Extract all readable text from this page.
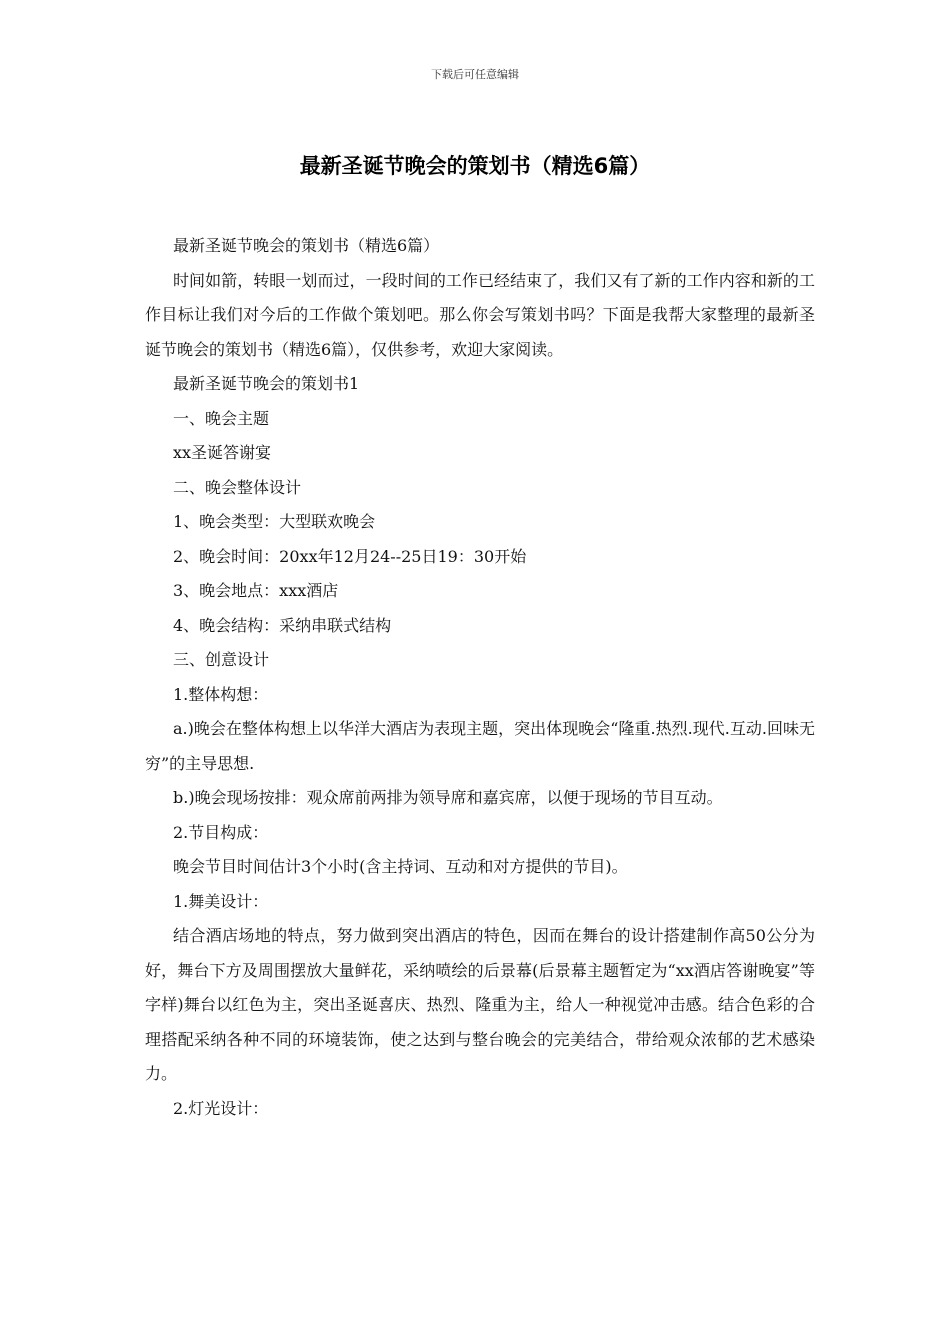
下载后可任意编辑
最新圣诞节晚会的策划书（精选6篇）

最新圣诞节晚会的策划书（精选6篇）

时间如箭，转眼一划而过，一段时间的工作已经结束了，我们又有了新的工作内容和新的工作目标让我们对今后的工作做个策划吧。那么你会写策划书吗？下面是我帮大家整理的最新圣诞节晚会的策划书（精选6篇），仅供参考，欢迎大家阅读。

最新圣诞节晚会的策划书1

一、晚会主题

xx圣诞答谢宴

二、晚会整体设计

1、晚会类型：大型联欢晚会

2、晚会时间：20xx年12月24--25日19：30开始

3、晚会地点：xxx酒店

4、晚会结构：采纳串联式结构

三、创意设计

1.整体构想：

a.)晚会在整体构想上以华洋大酒店为表现主题，突出体现晚会“隆重.热烈.现代.互动.回味无穷”的主导思想.

b.)晚会现场按排：观众席前两排为领导席和嘉宾席，以便于现场的节目互动。

2.节目构成：

晚会节目时间估计3个小时(含主持词、互动和对方提供的节目)。

1.舞美设计：

结合酒店场地的特点，努力做到突出酒店的特色，因而在舞台的设计搭建制作高50公分为好，舞台下方及周围摆放大量鲜花，采纳喷绘的后景幕(后景幕主题暂定为“xx酒店答谢晚宴”等字样)舞台以红色为主，突出圣诞喜庆、热烈、隆重为主，给人一种视觉冲击感。结合色彩的合理搭配采纳各种不同的环境装饰，使之达到与整台晚会的完美结合，带给观众浓郁的艺术感染力。

2.灯光设计：
